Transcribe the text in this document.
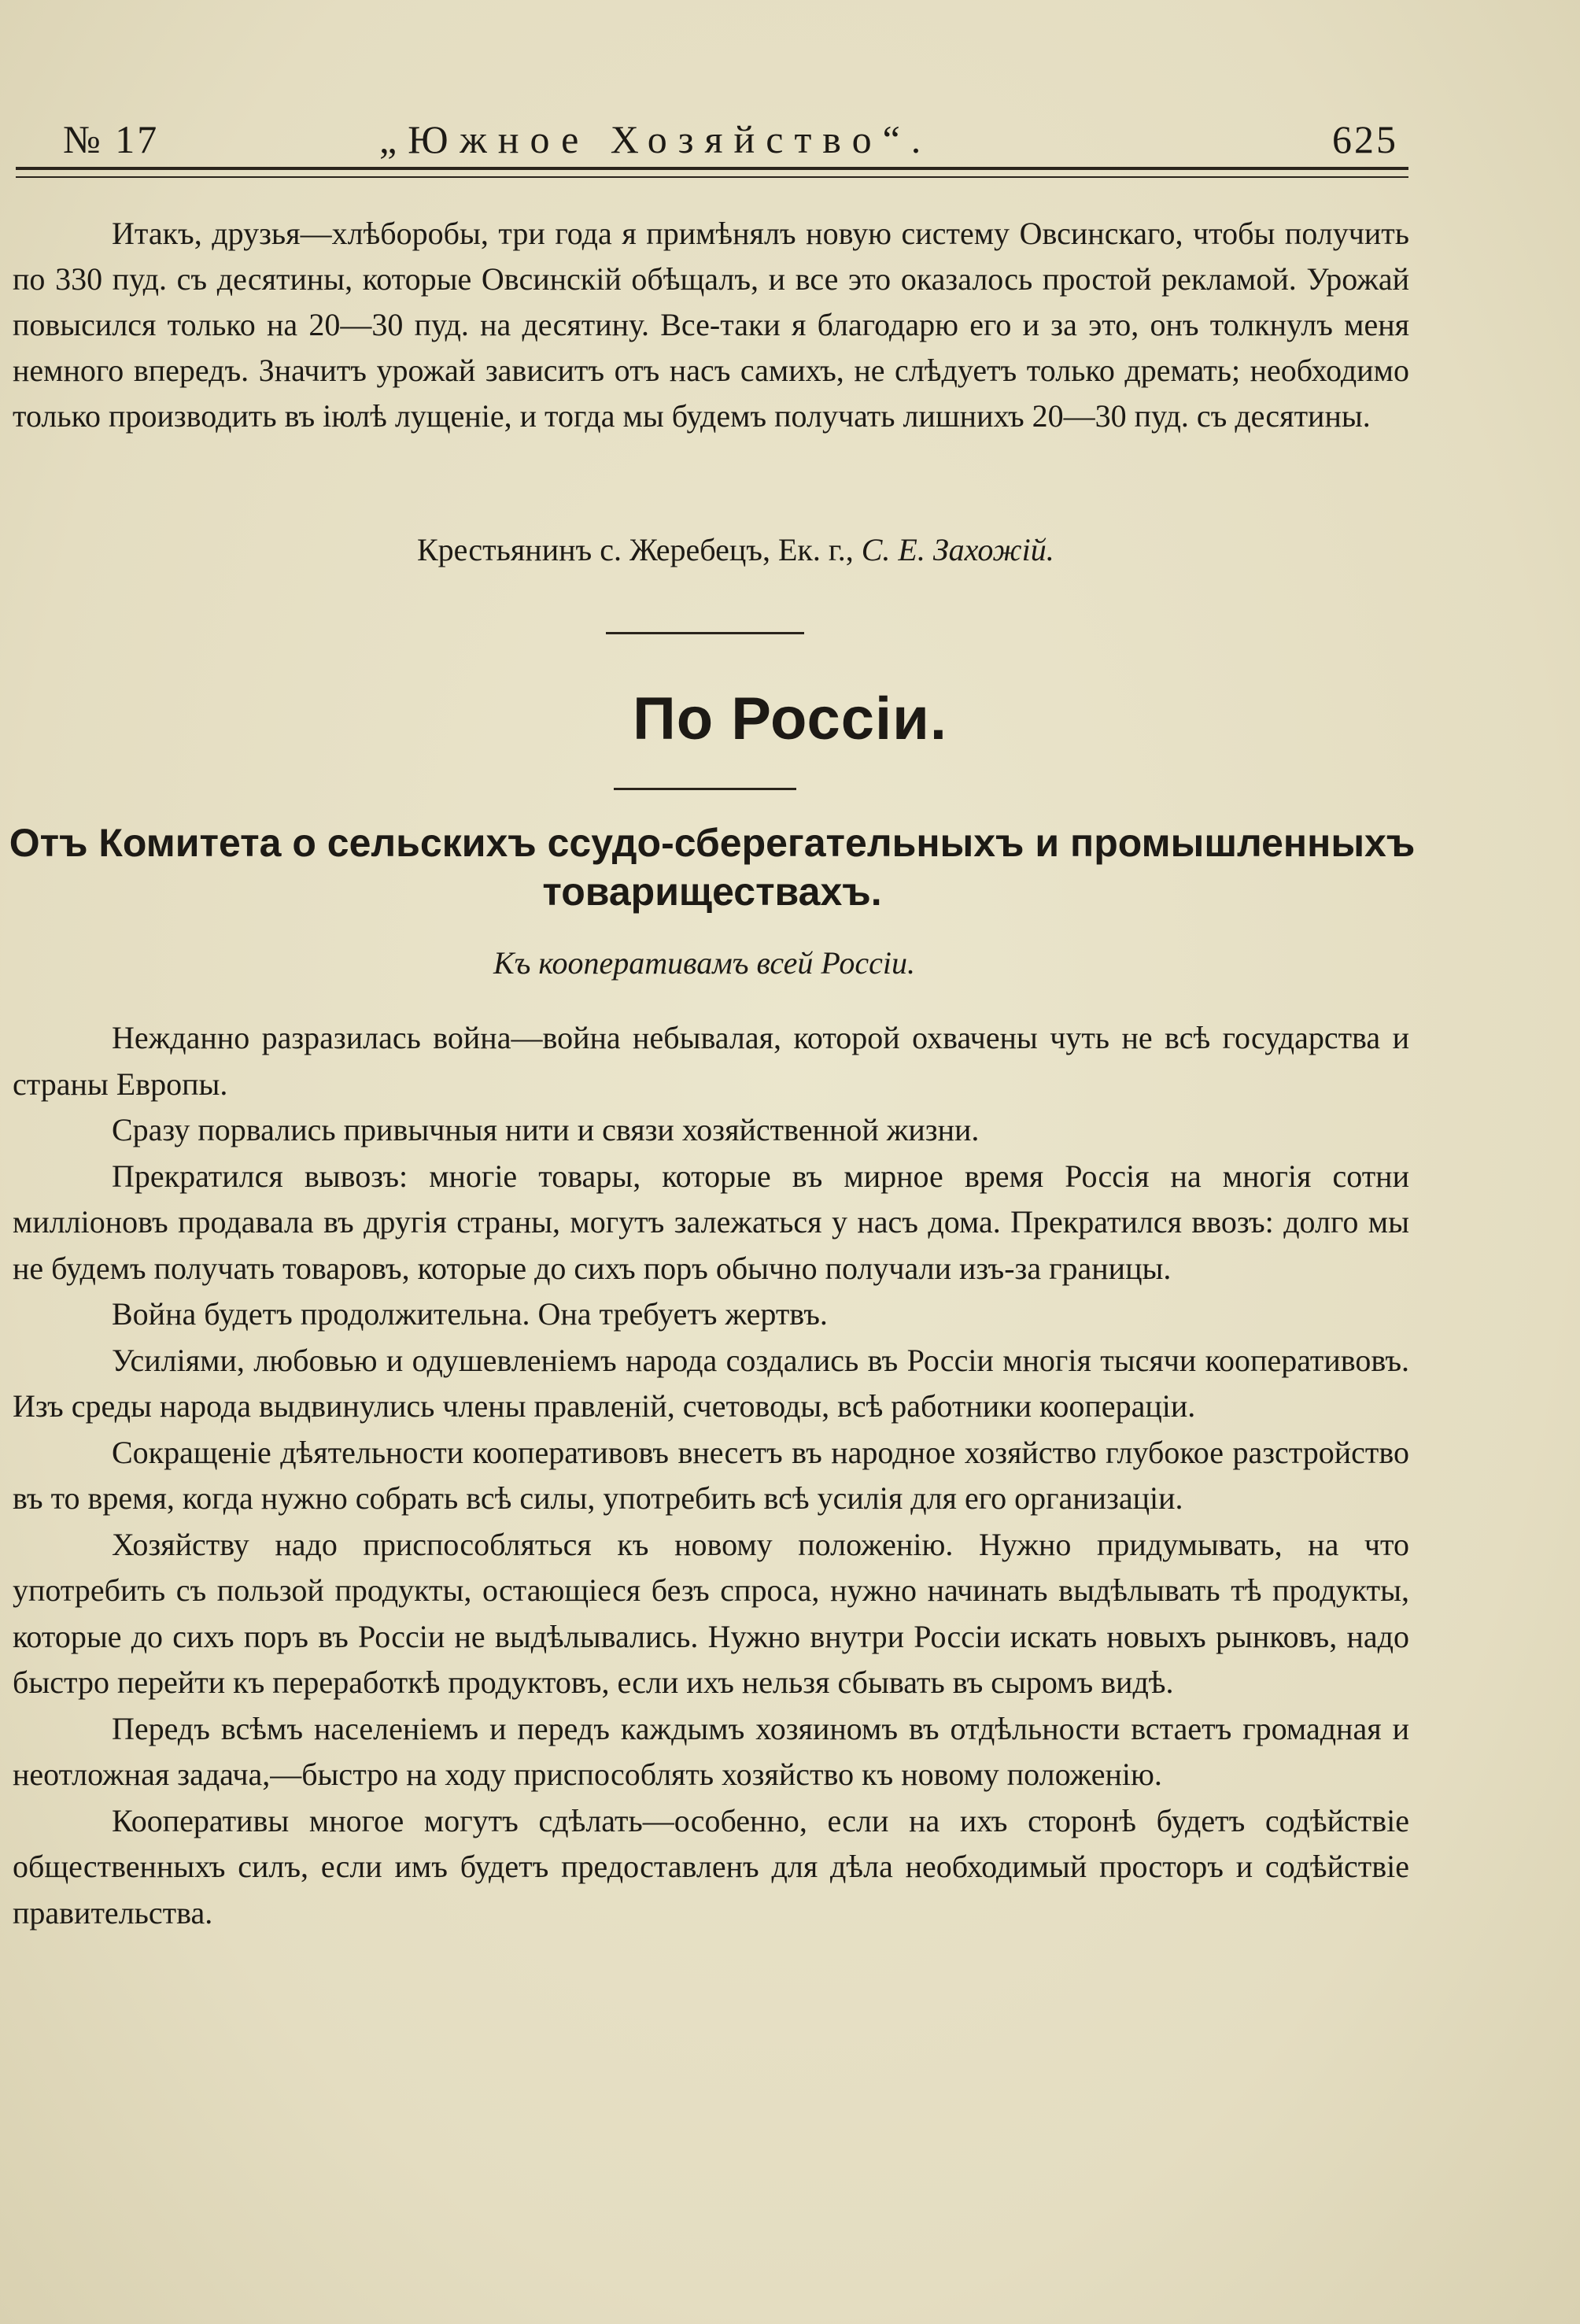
№ 17	„Южное Хозяйство“.	625

Итакъ, друзья—хлѣборобы, три года я примѣнялъ новую систему Овсинскаго, чтобы получить по 330 пуд. съ десятины, которые Овсинскій обѣщалъ, и все это оказалось простой рекламой. Урожай повысился только на 20—30 пуд. на десятину. Все-таки я благодарю его и за это, онъ толкнулъ меня немного впередъ. Значитъ урожай зависитъ отъ насъ самихъ, не слѣдуетъ только дремать; необходимо только производить въ іюлѣ лущеніе, и тогда мы будемъ получать лишнихъ 20—30 пуд. съ десятины.

Крестьянинъ с. Жеребецъ, Ек. г., С. Е. Захожій.

По Россіи.
Отъ Комитета о сельскихъ ссудо-сберегательныхъ и промышленныхъ товариществахъ.
Къ кооперативамъ всей Россіи.

Нежданно разразилась война—война небывалая, которой охвачены чуть не всѣ государства и страны Европы.

Сразу порвались привычныя нити и связи хозяйственной жизни.

Прекратился вывозъ: многіе товары, которые въ мирное время Россія на многія сотни милліоновъ продавала въ другія страны, могутъ залежаться у насъ дома. Прекратился ввозъ: долго мы не будемъ получать товаровъ, которые до сихъ поръ обычно получали изъ-за границы.

Война будетъ продолжительна. Она требуетъ жертвъ.

Усиліями, любовью и одушевленіемъ народа создались въ Россіи многія тысячи кооперативовъ. Изъ среды народа выдвинулись члены правленій, счетоводы, всѣ работники коопераціи.

Сокращеніе дѣятельности кооперативовъ внесетъ въ народное хозяйство глубокое разстройство въ то время, когда нужно собрать всѣ силы, употребить всѣ усилія для его организаціи.

Хозяйству надо приспособляться къ новому положенію. Нужно придумывать, на что употребить съ пользой продукты, остающіеся безъ спроса, нужно начинать выдѣлывать тѣ продукты, которые до сихъ поръ въ Россіи не выдѣлывались. Нужно внутри Россіи искать новыхъ рынковъ, надо быстро перейти къ переработкѣ продуктовъ, если ихъ нельзя сбывать въ сыромъ видѣ.

Передъ всѣмъ населеніемъ и передъ каждымъ хозяиномъ въ отдѣльности встаетъ громадная и неотложная задача,—быстро на ходу приспособлять хозяйство къ новому положенію.

Кооперативы многое могутъ сдѣлать—особенно, если на ихъ сторонѣ будетъ содѣйствіе общественныхъ силъ, если имъ будетъ предоставленъ для дѣла необходимый просторъ и содѣйствіе правительства.
